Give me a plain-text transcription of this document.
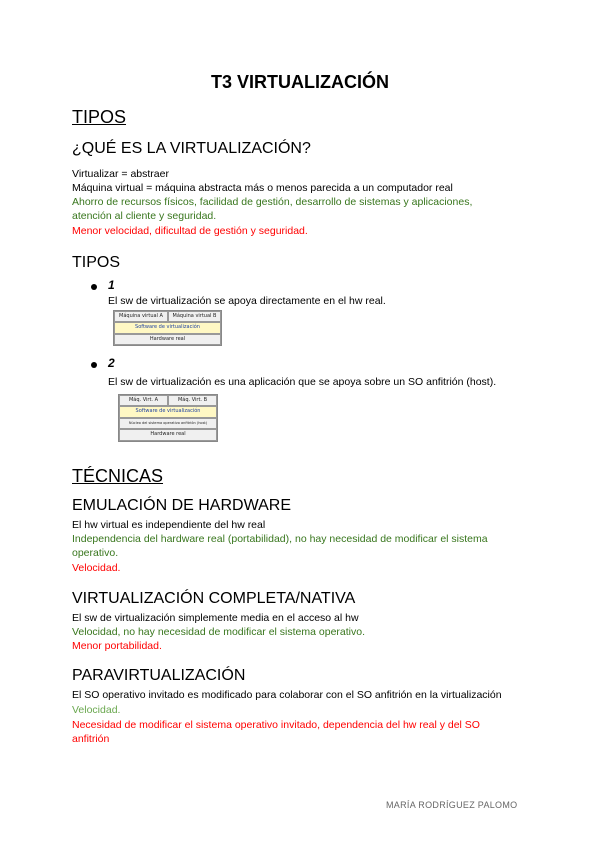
T3 VIRTUALIZACIÓN
TIPOS
¿QUÉ ES LA VIRTUALIZACIÓN?
Virtualizar = abstraer
Máquina virtual = máquina abstracta más o menos parecida a un computador real
Ahorro de recursos físicos, facilidad de gestión, desarrollo de sistemas y aplicaciones,
atención al cliente y seguridad.
Menor velocidad, dificultad de gestión y seguridad.
TIPOS
1
El sw de virtualización se apoya directamente en el hw real.
Máquina virtual A	Máquina virtual B
Software de virtualización
Hardware real
2
El sw de virtualización es una aplicación que se apoya sobre un SO anfitrión (host).
Máq. Virt. A	Máq. Virt. B
Software de virtualización
Núcleo del sistema operativo anfitrión (host)
Hardware real
TÉCNICAS
EMULACIÓN DE HARDWARE
El hw virtual es independiente del hw real
Independencia del hardware real (portabilidad), no hay necesidad de modificar el sistema
operativo.
Velocidad.
VIRTUALIZACIÓN COMPLETA/NATIVA
El sw de virtualización simplemente media en el acceso al hw
Velocidad, no hay necesidad de modificar el sistema operativo.
Menor portabilidad.
PARAVIRTUALIZACIÓN
El SO operativo invitado es modificado para colaborar con el SO anfitrión en la virtualización
Velocidad.
Necesidad de modificar el sistema operativo invitado, dependencia del hw real y del SO
anfitrión
MARÍA RODRÍGUEZ PALOMO
